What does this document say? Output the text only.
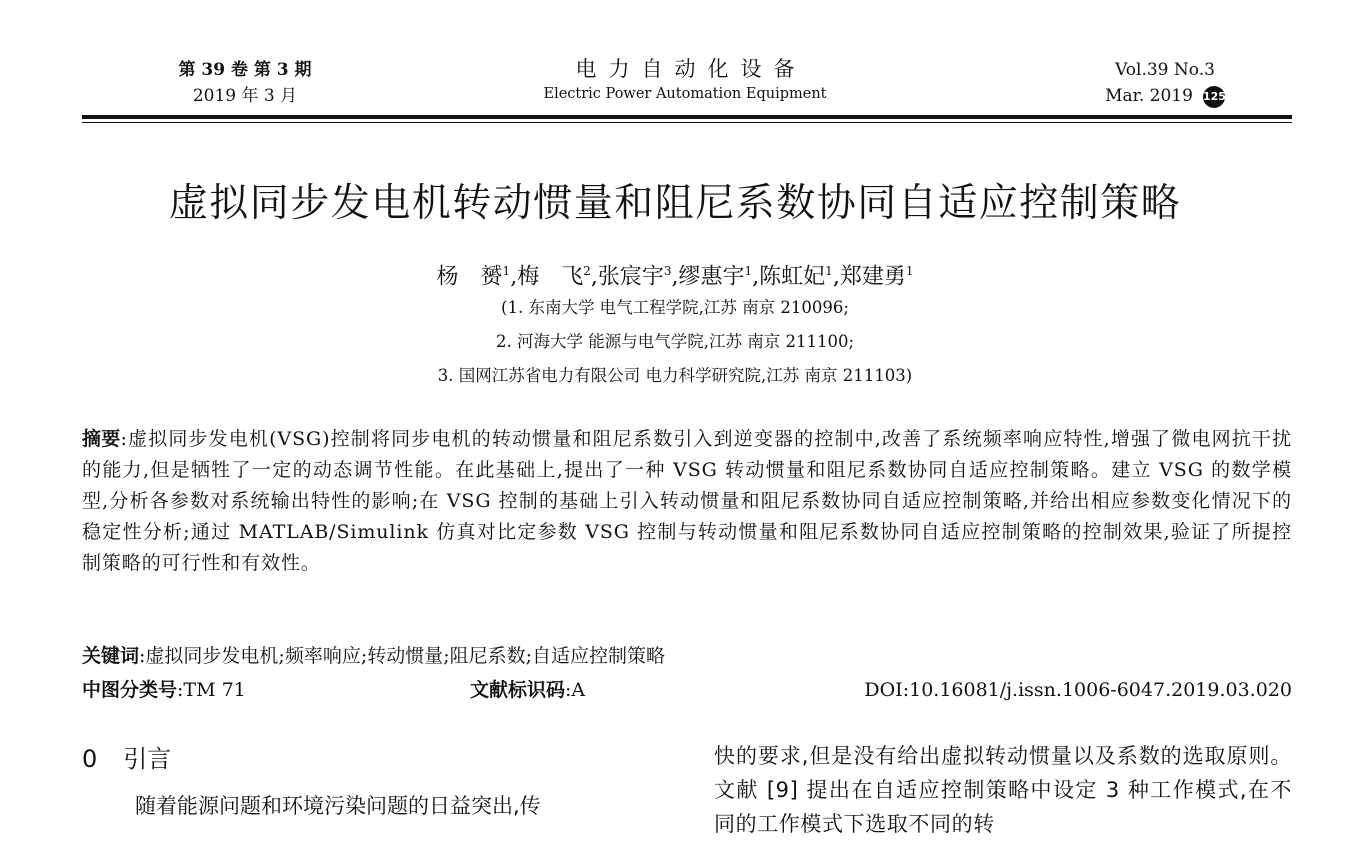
第 39 卷 第 3 期
2019 年 3 月
电力自动化设备
Electric Power Automation Equipment
Vol.39 No.3
Mar. 2019 125
虚拟同步发电机转动惯量和阻尼系数协同自适应控制策略
杨　赟$^1$,梅　飞$^2$,张宸宇$^3$,缪惠宇$^1$,陈虹妃$^1$,郑建勇$^1$
(1. 东南大学 电气工程学院,江苏 南京 210096;
2. 河海大学 能源与电气学院,江苏 南京 211100;
3. 国网江苏省电力有限公司 电力科学研究院,江苏 南京 211103)
摘要:虚拟同步发电机(VSG)控制将同步电机的转动惯量和阻尼系数引入到逆变器的控制中,改善了系统频率响应特性,增强了微电网抗干扰的能力,但是牺牲了一定的动态调节性能。在此基础上,提出了一种 VSG 转动惯量和阻尼系数协同自适应控制策略。建立 VSG 的数学模型,分析各参数对系统输出特性的影响;在 VSG 控制的基础上引入转动惯量和阻尼系数协同自适应控制策略,并给出相应参数变化情况下的稳定性分析;通过 MATLAB/Simulink 仿真对比定参数 VSG 控制与转动惯量和阻尼系数协同自适应控制策略的控制效果,验证了所提控制策略的可行性和有效性。
关键词:虚拟同步发电机;频率响应;转动惯量;阻尼系数;自适应控制策略
中图分类号:TM 71	文献标识码:A	DOI:10.16081/j.issn.1006-6047.2019.03.020
0 引言
随着能源问题和环境污染问题的日益突出,传
快的要求,但是没有给出虚拟转动惯量以及系数的选取原则。文献 [9] 提出在自适应控制策略中设定 3 种工作模式,在不同的工作模式下选取不同的转
